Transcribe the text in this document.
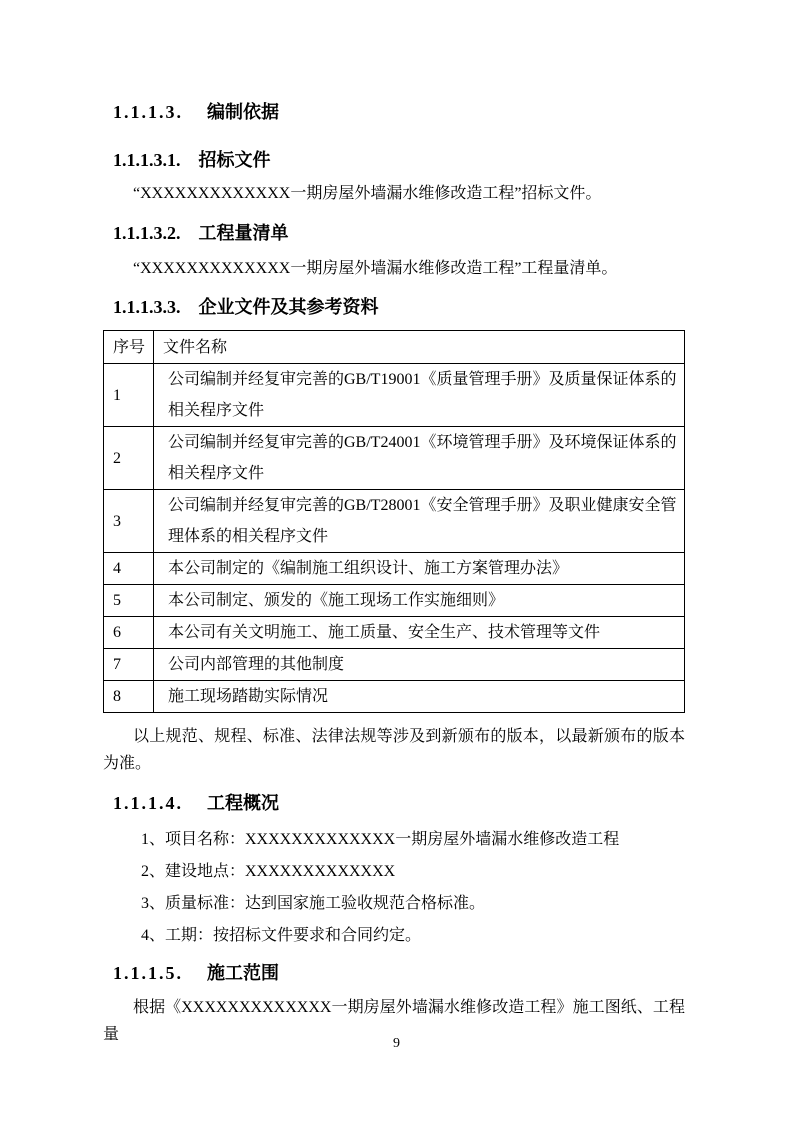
1.1.1.3. 编制依据
1.1.1.3.1. 招标文件

“XXXXXXXXXXXXX一期房屋外墙漏水维修改造工程”招标文件。

1.1.1.3.2. 工程量清单

“XXXXXXXXXXXXX一期房屋外墙漏水维修改造工程”工程量清单。

1.1.1.3.3. 企业文件及其参考资料
序号	文件名称
1	公司编制并经复审完善的GB/T19001《质量管理手册》及质量保证体系的相关程序文件
2	公司编制并经复审完善的GB/T24001《环境管理手册》及环境保证体系的相关程序文件
3	公司编制并经复审完善的GB/T28001《安全管理手册》及职业健康安全管理体系的相关程序文件
4	本公司制定的《编制施工组织设计、施工方案管理办法》
5	本公司制定、颁发的《施工现场工作实施细则》
6	本公司有关文明施工、施工质量、安全生产、技术管理等文件
7	公司内部管理的其他制度
8	施工现场踏勘实际情况

以上规范、规程、标准、法律法规等涉及到新颁布的版本，以最新颁布的版本为准。

1.1.1.4. 工程概况

1、项目名称：XXXXXXXXXXXXX一期房屋外墙漏水维修改造工程

2、建设地点：XXXXXXXXXXXXX

3、质量标准：达到国家施工验收规范合格标准。

4、工期：按招标文件要求和合同约定。

1.1.1.5. 施工范围

根据《XXXXXXXXXXXXX一期房屋外墙漏水维修改造工程》施工图纸、工程量

9
